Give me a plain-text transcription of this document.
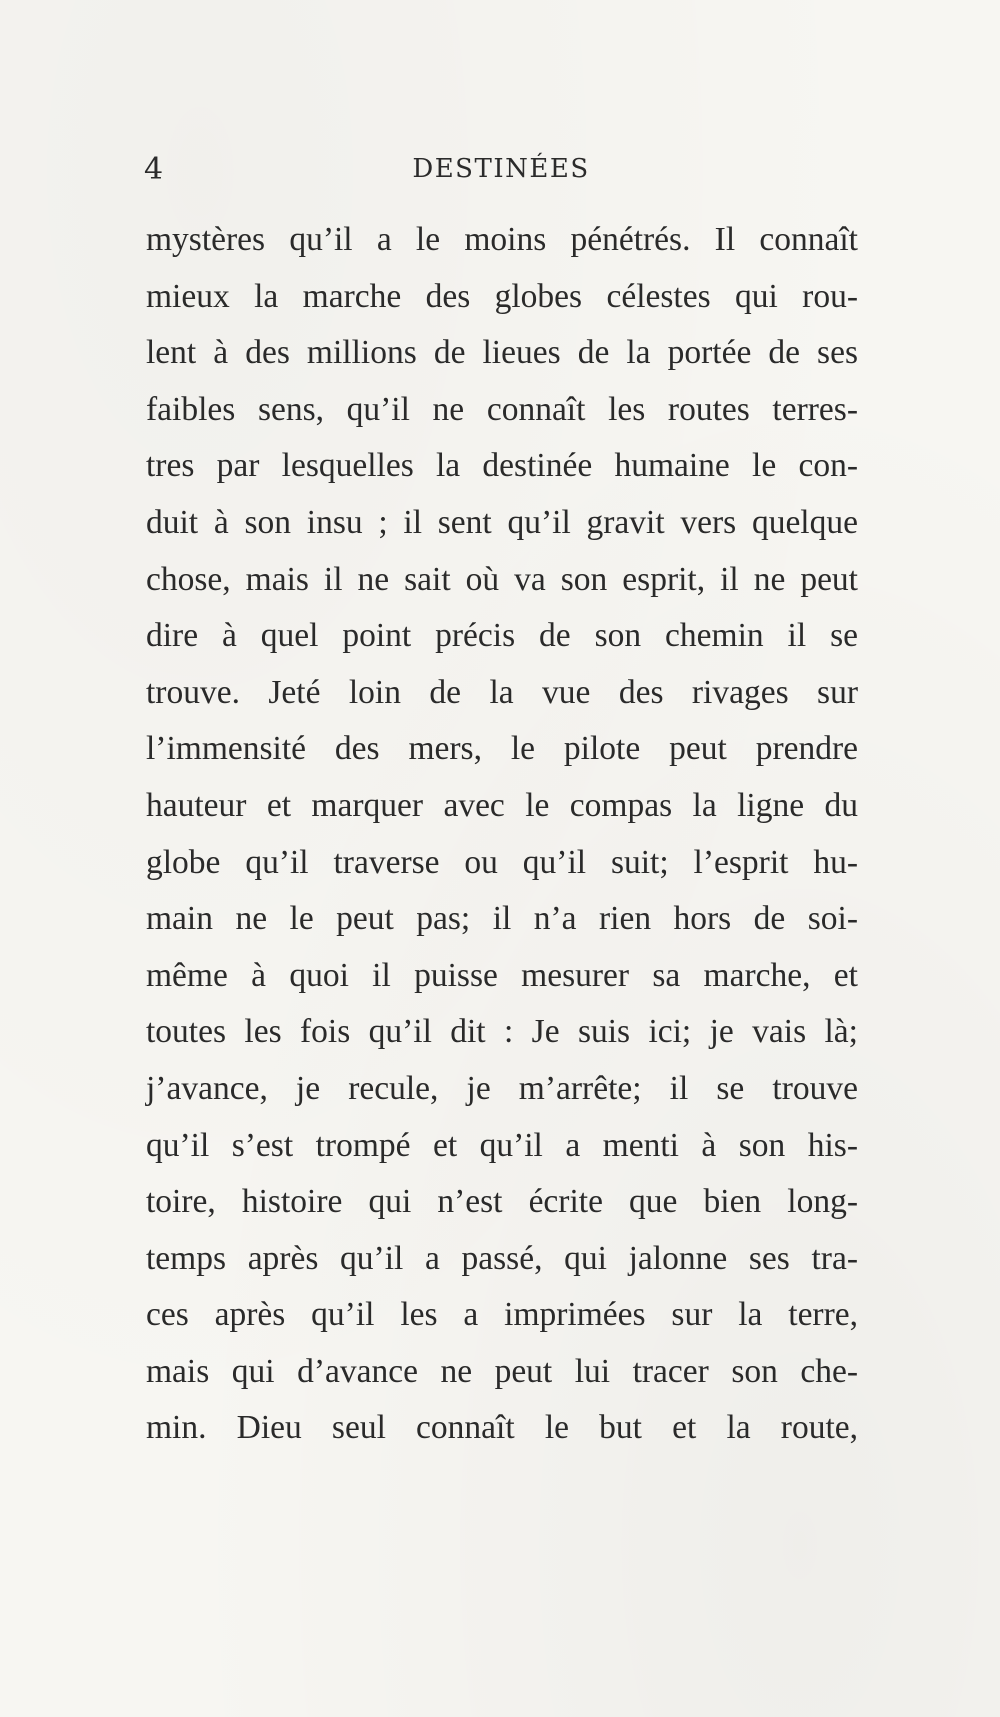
4	DESTINÉES
mystères qu’il a le moins pénétrés. Il connaît
mieux la marche des globes célestes qui rou-
lent à des millions de lieues de la portée de ses
faibles sens, qu’il ne connaît les routes terres-
tres par lesquelles la destinée humaine le con-
duit à son insu ; il sent qu’il gravit vers quelque
chose, mais il ne sait où va son esprit, il ne peut
dire à quel point précis de son chemin il se
trouve. Jeté loin de la vue des rivages sur
l’immensité des mers, le pilote peut prendre
hauteur et marquer avec le compas la ligne du
globe qu’il traverse ou qu’il suit; l’esprit hu-
main ne le peut pas; il n’a rien hors de soi-
même à quoi il puisse mesurer sa marche, et
toutes les fois qu’il dit : Je suis ici; je vais là;
j’avance, je recule, je m’arrête; il se trouve
qu’il s’est trompé et qu’il a menti à son his-
toire, histoire qui n’est écrite que bien long-
temps après qu’il a passé, qui jalonne ses tra-
ces après qu’il les a imprimées sur la terre,
mais qui d’avance ne peut lui tracer son che-
min. Dieu seul connaît le but et la route,
